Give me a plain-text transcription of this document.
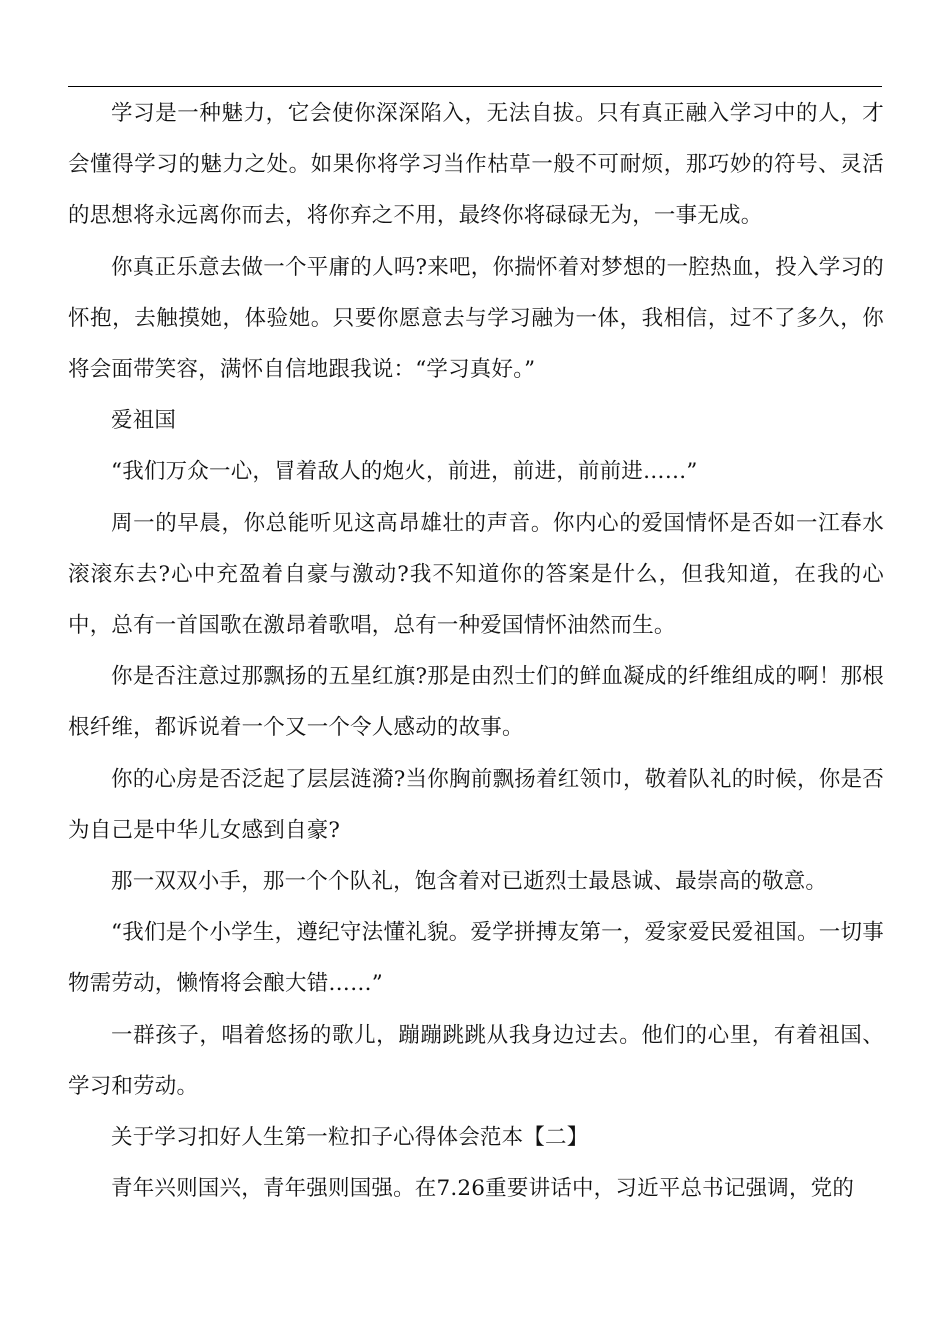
学习是一种魅力，它会使你深深陷入，无法自拔。只有真正融入学习中的人，才会懂得学习的魅力之处。如果你将学习当作枯草一般不可耐烦，那巧妙的符号、灵活的思想将永远离你而去，将你弃之不用，最终你将碌碌无为，一事无成。

你真正乐意去做一个平庸的人吗?来吧，你揣怀着对梦想的一腔热血，投入学习的怀抱，去触摸她，体验她。只要你愿意去与学习融为一体，我相信，过不了多久，你将会面带笑容，满怀自信地跟我说：“学习真好。”

爱祖国

“我们万众一心，冒着敌人的炮火，前进，前进，前前进……”

周一的早晨，你总能听见这高昂雄壮的声音。你内心的爱国情怀是否如一江春水滚滚东去?心中充盈着自豪与激动?我不知道你的答案是什么，但我知道，在我的心中，总有一首国歌在激昂着歌唱，总有一种爱国情怀油然而生。

你是否注意过那飘扬的五星红旗?那是由烈士们的鲜血凝成的纤维组成的啊！那根根纤维，都诉说着一个又一个令人感动的故事。

你的心房是否泛起了层层涟漪?当你胸前飘扬着红领巾，敬着队礼的时候，你是否为自己是中华儿女感到自豪?

那一双双小手，那一个个队礼，饱含着对已逝烈士最恳诚、最崇高的敬意。

“我们是个小学生，遵纪守法懂礼貌。爱学拼搏友第一，爱家爱民爱祖国。一切事物需劳动，懒惰将会酿大错……”

一群孩子，唱着悠扬的歌儿，蹦蹦跳跳从我身边过去。他们的心里，有着祖国、学习和劳动。

关于学习扣好人生第一粒扣子心得体会范本【二】

青年兴则国兴，青年强则国强。在7.26重要讲话中，习近平总书记强调，党的
